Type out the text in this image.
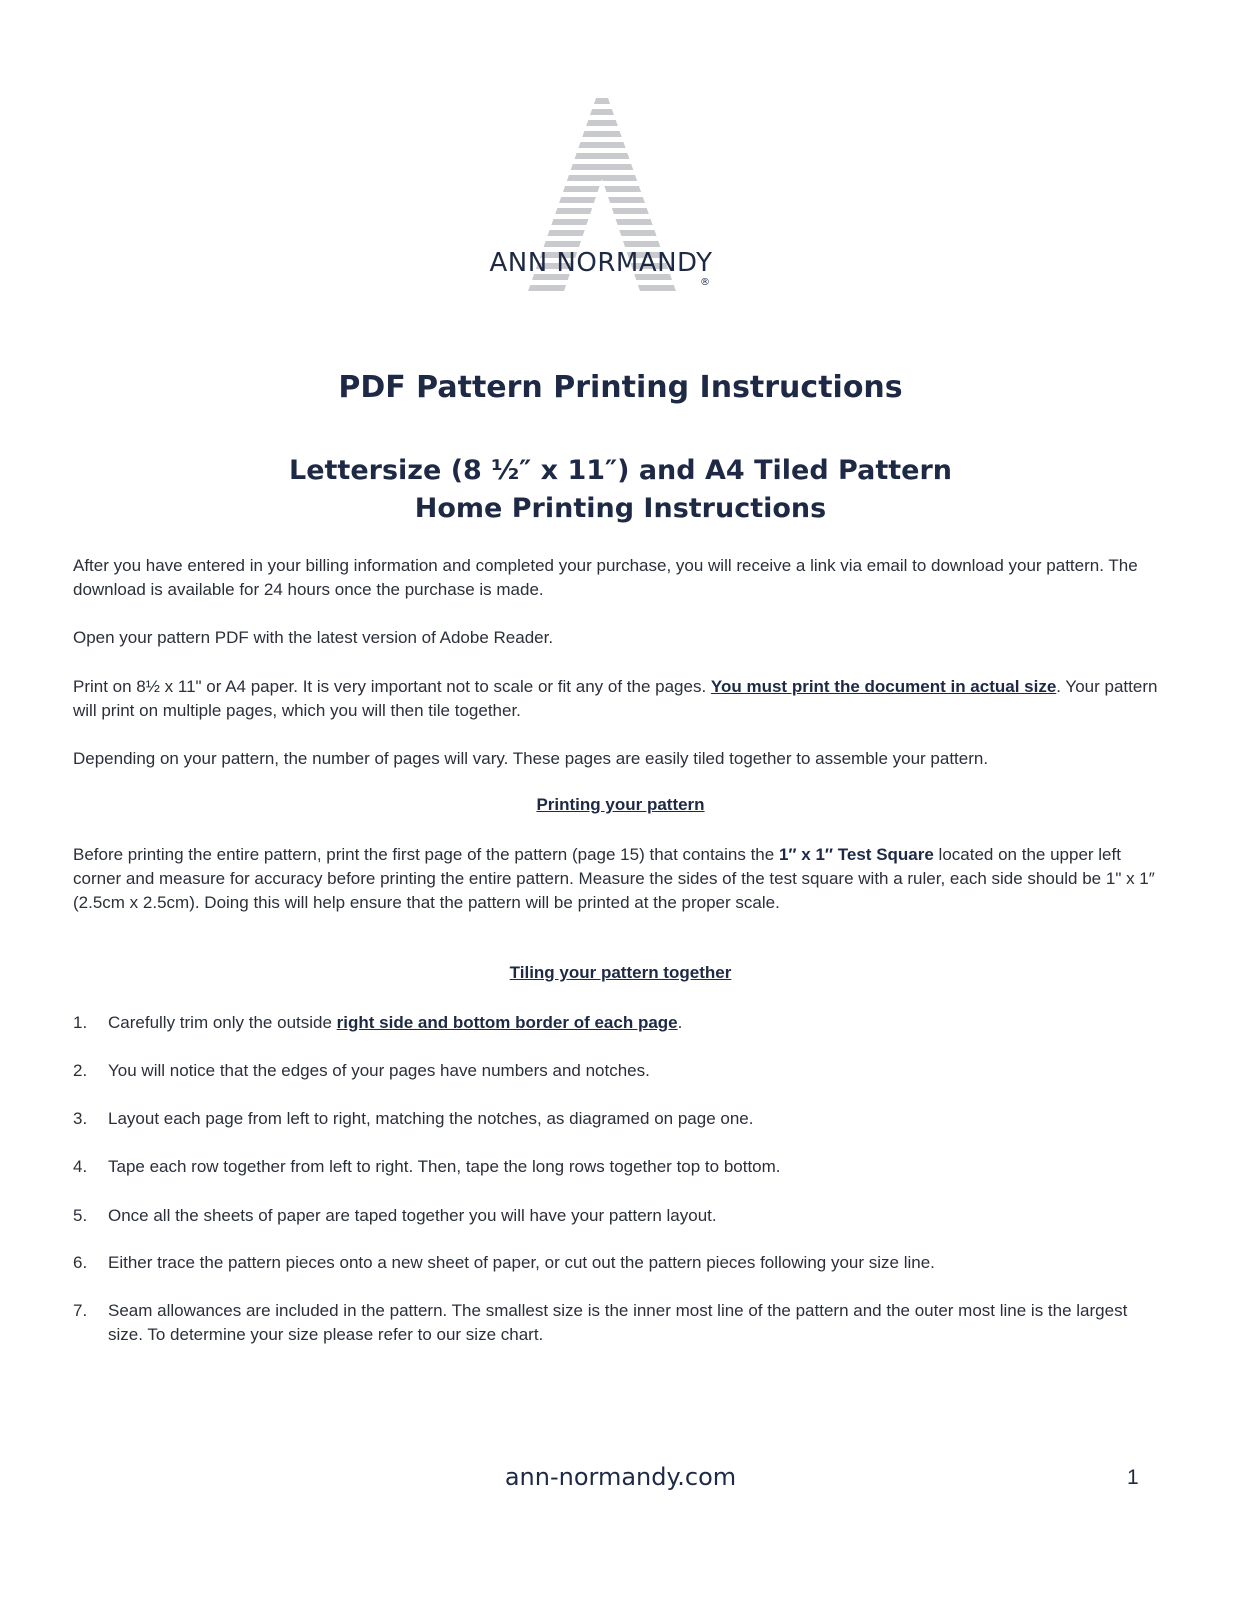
ANN NORMANDY
®
PDF Pattern Printing Instructions
Lettersize (8 ½″ x 11″) and A4 Tiled Pattern
Home Printing Instructions

After you have entered in your billing information and completed your purchase, you will receive a link via email to download your pattern. The download is available for 24 hours once the purchase is made.

Open your pattern PDF with the latest version of Adobe Reader.

Print on 8½ x 11" or A4 paper. It is very important not to scale or fit any of the pages. You must print the document in actual size. Your pattern will print on multiple pages, which you will then tile together.

Depending on your pattern, the number of pages will vary. These pages are easily tiled together to assemble your pattern.

Printing your pattern

Before printing the entire pattern, print the first page of the pattern (page 15) that contains the 1″ x 1″ Test Square located on the upper left corner and measure for accuracy before printing the entire pattern. Measure the sides of the test square with a ruler, each side should be 1" x 1″ (2.5cm x 2.5cm). Doing this will help ensure that the pattern will be printed at the proper scale.

Tiling your pattern together
1. Carefully trim only the outside right side and bottom border of each page.
2. You will notice that the edges of your pages have numbers and notches.
3. Layout each page from left to right, matching the notches, as diagramed on page one.
4. Tape each row together from left to right. Then, tape the long rows together top to bottom.
5. Once all the sheets of paper are taped together you will have your pattern layout.
6. Either trace the pattern pieces onto a new sheet of paper, or cut out the pattern pieces following your size line.
7. Seam allowances are included in the pattern. The smallest size is the inner most line of the pattern and the outer most line is the largest size. To determine your size please refer to our size chart.
ann-normandy.com	1
